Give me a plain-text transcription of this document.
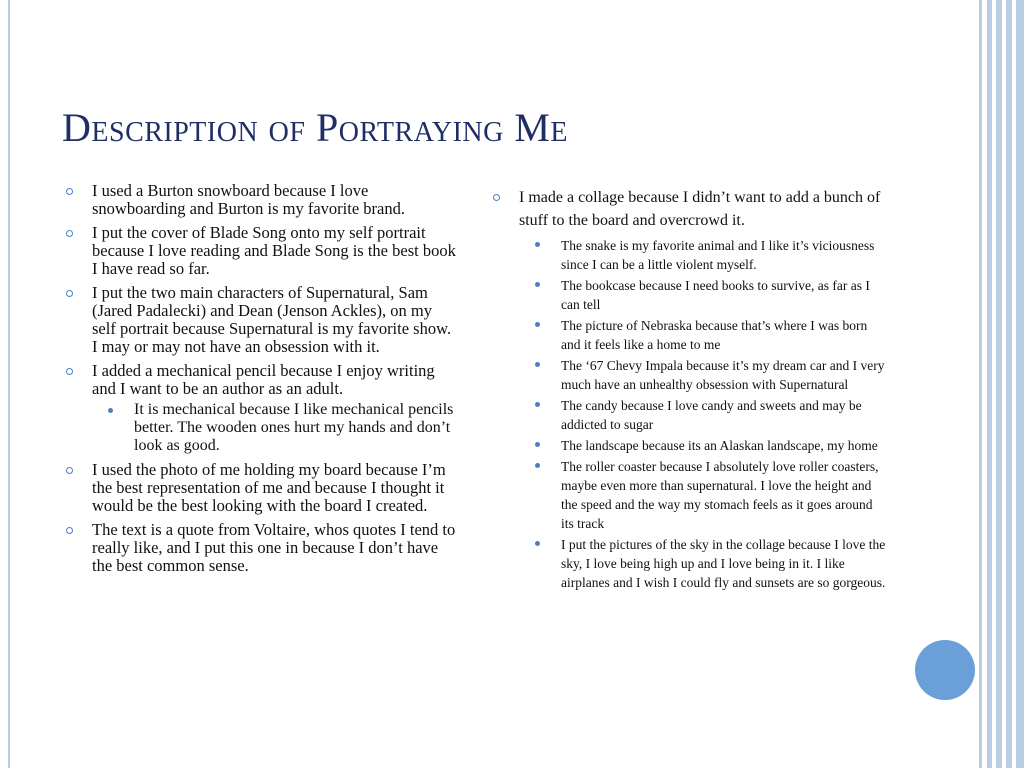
Description of Portraying Me
I used a Burton snowboard because I love snowboarding and Burton is my favorite brand.
I put the cover of Blade Song onto my self portrait because I love reading and Blade Song is the best book I have read so far.
I put the two main characters of Supernatural, Sam (Jared Padalecki) and Dean (Jenson Ackles), on my self portrait because Supernatural is my favorite show. I may or may not have an obsession with it.
I added a mechanical pencil because I enjoy writing and I want to be an author as an adult.
It is mechanical because I like mechanical pencils better. The wooden ones hurt my hands and don’t look as good.
I used the photo of me holding my board because I’m the best representation of me and because I thought it would be the best looking with the board I created.
The text is a quote from Voltaire, whos quotes I tend to really like, and I put this one in because I don’t have the best common sense.
I made a collage because I didn’t want to add a bunch of stuff to the board and overcrowd it.
The snake is my favorite animal and I like it’s viciousness since I can be a little violent myself.
The bookcase because I need books to survive, as far as I can tell
The picture of Nebraska because that’s where I was born and it feels like a home to me
The ‘67 Chevy Impala because it’s my dream car and I very much have an unhealthy obsession with Supernatural
The candy because I love candy and sweets and may be addicted to sugar
The landscape because its an Alaskan landscape, my home
The roller coaster because I absolutely love roller coasters, maybe even more than supernatural. I love the height and the speed and the way my stomach feels as it goes around its track
I put the pictures of the sky in the collage because I love the sky, I love being high up and I love being in it. I like airplanes and I wish I could fly and sunsets are so gorgeous.
